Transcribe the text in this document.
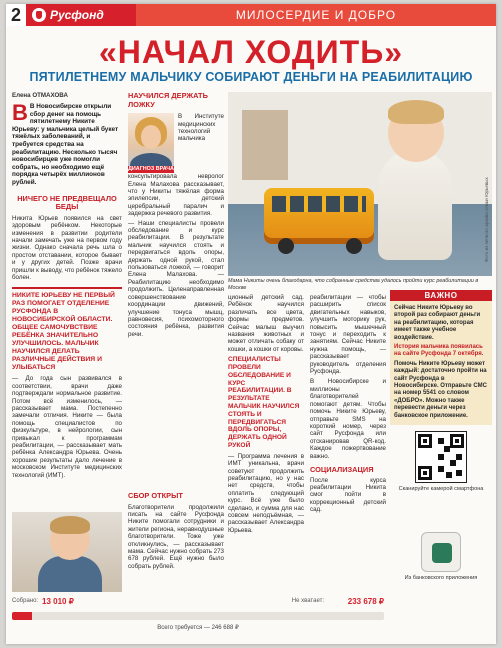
2	Русфонд	МИЛОСЕРДИЕ И ДОБРО
«НАЧАЛ ХОДИТЬ»
ПЯТИЛЕТНЕМУ МАЛЬЧИКУ СОБИРАЮТ ДЕНЬГИ НА РЕАБИЛИТАЦИЮ
Елена ОТМАХОВА
В В Новосибирске открыли сбор денег на помощь пятилетнему Никите Юрьеву: у мальчика целый букет тяжёлых заболеваний, и требуется средства на реабилитацию. Несколько тысяч новосибирцев уже помогли собрать, но необходимо ещё порядка четырёх миллионов рублей.
НИЧЕГО НЕ ПРЕДВЕЩАЛО БЕДЫ
Никита Юрьев появился на свет здоровым ребёнком. Некоторые изменения в развитии родители начали замечать уже на первом году жизни. Однако сначала речь шла о простом отставании, которое бывает и у других детей. Позже врачи пришли к выводу, что ребёнок тяжело болен.
НИКИТЕ ЮРЬЕВУ НЕ ПЕРВЫЙ РАЗ ПОМОГАЕТ ОТДЕЛЕНИЕ РУСФОНДА В НОВОСИБИРСКОЙ ОБЛАСТИ. ОБЩЕЕ САМОЧУВСТВИЕ РЕБЁНКА ЗНАЧИТЕЛЬНО УЛУЧШИЛОСЬ. МАЛЬЧИК НАУЧИЛСЯ ДЕЛАТЬ РАЗЛИЧНЫЕ ДЕЙСТВИЯ И УЛЫБАТЬСЯ
— До года сын развивался в соответствии, врачи даже подтверждали нормальное развитие. Потом всё изменилось, — рассказывает мама. Постепенно замечали отличия. Никите — была помощь специалистов по физкультуре, в нейрологии, сын привыкал к программам реабилитации, — рассказывает мать ребёнка Александра Юрьева. Очень хорошие результаты дало лечение в московском Институте медицинских технологий (ИМТ).
НАУЧИЛСЯ ДЕРЖАТЬ ЛОЖКУ
ДИАГНОЗ ВРАЧА
В Институте медицинских технологий мальчика консультировала невролог Елена Малахова рассказывает, что у Никиты тяжёлая форма эпилепсии, детский церебральный паралич и задержка речевого развития.
— Наши специалисты провели обследование и курс реабилитации. В результате мальчик научился стоять и передвигаться вдоль опоры, держать одной рукой, стал пользоваться ложкой, — говорит Елена Малахова. — Реабилитацию необходимо продолжить. Целенаправленная совершенствование координации движений, улучшение тонуса мышц, равновесия, психомоторного состояния ребёнка, развития речи.
СБОР ОТКРЫТ
Благотворители продолжили писать на сайте Русфонда Никите помогали сотрудники и жители региона, неравнодушные благотворители. Тоже уже откликнулись, — рассказывает мама. Сейчас нужно собрать 273 678 рублей. Ещё нужно было собрать рублей.
Фото из личного архива семьи Юрьевых
Мама Никиты очень благодарна, что собранные средства удалось пройти курс реабилитации в Москве
ционный детский сад. Ребёнок научился различать все цвета, формы предметов. Сейчас малыш выучил названия животных и может отличать собаку от кошки, а кошки от коровы.
СПЕЦИАЛИСТЫ ПРОВЕЛИ ОБСЛЕДОВАНИЕ И КУРС РЕАБИЛИТАЦИИ. В РЕЗУЛЬТАТЕ МАЛЬЧИК НАУЧИЛСЯ СТОЯТЬ И ПЕРЕДВИГАТЬСЯ ВДОЛЬ ОПОРЫ, ДЕРЖАТЬ ОДНОЙ РУКОЙ
— Программа лечения в ИМТ уникальна, врачи советуют продолжить реабилитацию, но у нас нет средств, чтобы оплатить следующий курс. Всё уже было сделано, и сумма для нас совсем неподъёмная, — рассказывает Александра Юрьева.
реабилитации — чтобы расширить список двигательных навыков, улучшить моторику рук, повысить мышечный тонус и переходить к занятиям. Сейчас Никите нужна помощь, — рассказывает руководитель отделения Русфонда.
В Новосибирске и миллионы благотворителей помогают детям. Чтобы помочь Никите Юрьеву, отправьте SMS на короткий номер, через сайт Русфонда или отсканировав QR-код. Каждое пожертвование важно.
СОЦИАЛИЗАЦИЯ
После курса реабилитации Никита смог пойти в коррекционный детский сад.
ВАЖНО
Сейчас Никите Юрьеву во второй раз собирают деньги на реабилитацию, которая имеет также учебное воздействие.
История мальчика появилась на сайте Русфонда 7 октября.
Помочь Никите Юрьеву может каждый: достаточно пройти на сайт Русфонда в Новосибирске. Отправьте СМС на номер 5541 со словом «ДОБРО». Можно также перевести деньги через банковское приложение.
Сканируйте камерой смартфона
Собрано: 13 010 ₽	Не хватает:	233 678 ₽
Всего требуется — 246 688 ₽
Из банковского приложения
